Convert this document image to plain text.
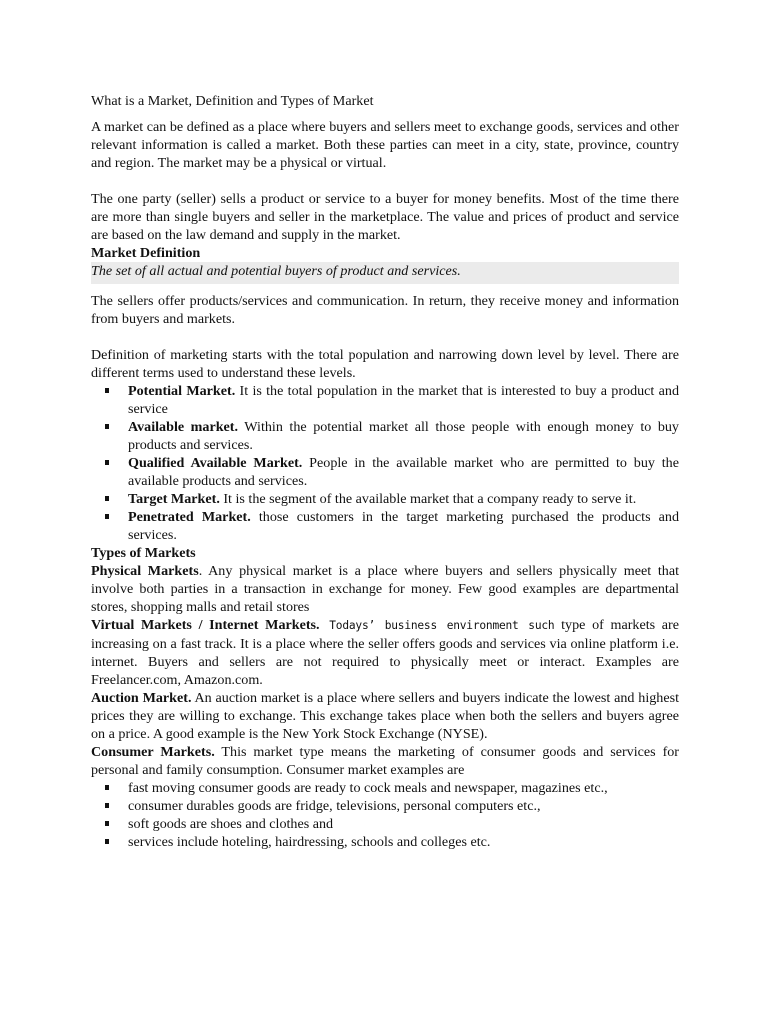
What is a Market, Definition and Types of Market

A market can be defined as a place where buyers and sellers meet to exchange goods, services and other relevant information is called a market. Both these parties can meet in a city, state, province, country and region. The market may be a physical or virtual.

The one party (seller) sells a product or service to a buyer for money benefits. Most of the time there are more than single buyers and seller in the marketplace. The value and prices of product and service are based on the law demand and supply in the market.

Market Definition

The set of all actual and potential buyers of product and services.

The sellers offer products/services and communication. In return, they receive money and information from buyers and markets.

Definition of marketing starts with the total population and narrowing down level by level. There are different terms used to understand these levels.

Potential Market. It is the total population in the market that is interested to buy a product and service
Available market. Within the potential market all those people with enough money to buy products and services.
Qualified Available Market. People in the available market who are permitted to buy the available products and services.
Target Market. It is the segment of the available market that a company ready to serve it.
Penetrated Market. those customers in the target marketing purchased the products and services.

Types of Markets

Physical Markets. Any physical market is a place where buyers and sellers physically meet that involve both parties in a transaction in exchange for money. Few good examples are departmental stores, shopping malls and retail stores

Virtual Markets / Internet Markets. Todays’ business environment such type of markets are increasing on a fast track. It is a place where the seller offers goods and services via online platform i.e. internet. Buyers and sellers are not required to physically meet or interact. Examples are Freelancer.com, Amazon.com.

Auction Market. An auction market is a place where sellers and buyers indicate the lowest and highest prices they are willing to exchange. This exchange takes place when both the sellers and buyers agree on a price. A good example is the New York Stock Exchange (NYSE).

Consumer Markets. This market type means the marketing of consumer goods and services for personal and family consumption. Consumer market examples are

fast moving consumer goods are ready to cock meals and newspaper, magazines etc.,
consumer durables goods are fridge, televisions, personal computers etc.,
soft goods are shoes and clothes and
services include hoteling, hairdressing, schools and colleges etc.
